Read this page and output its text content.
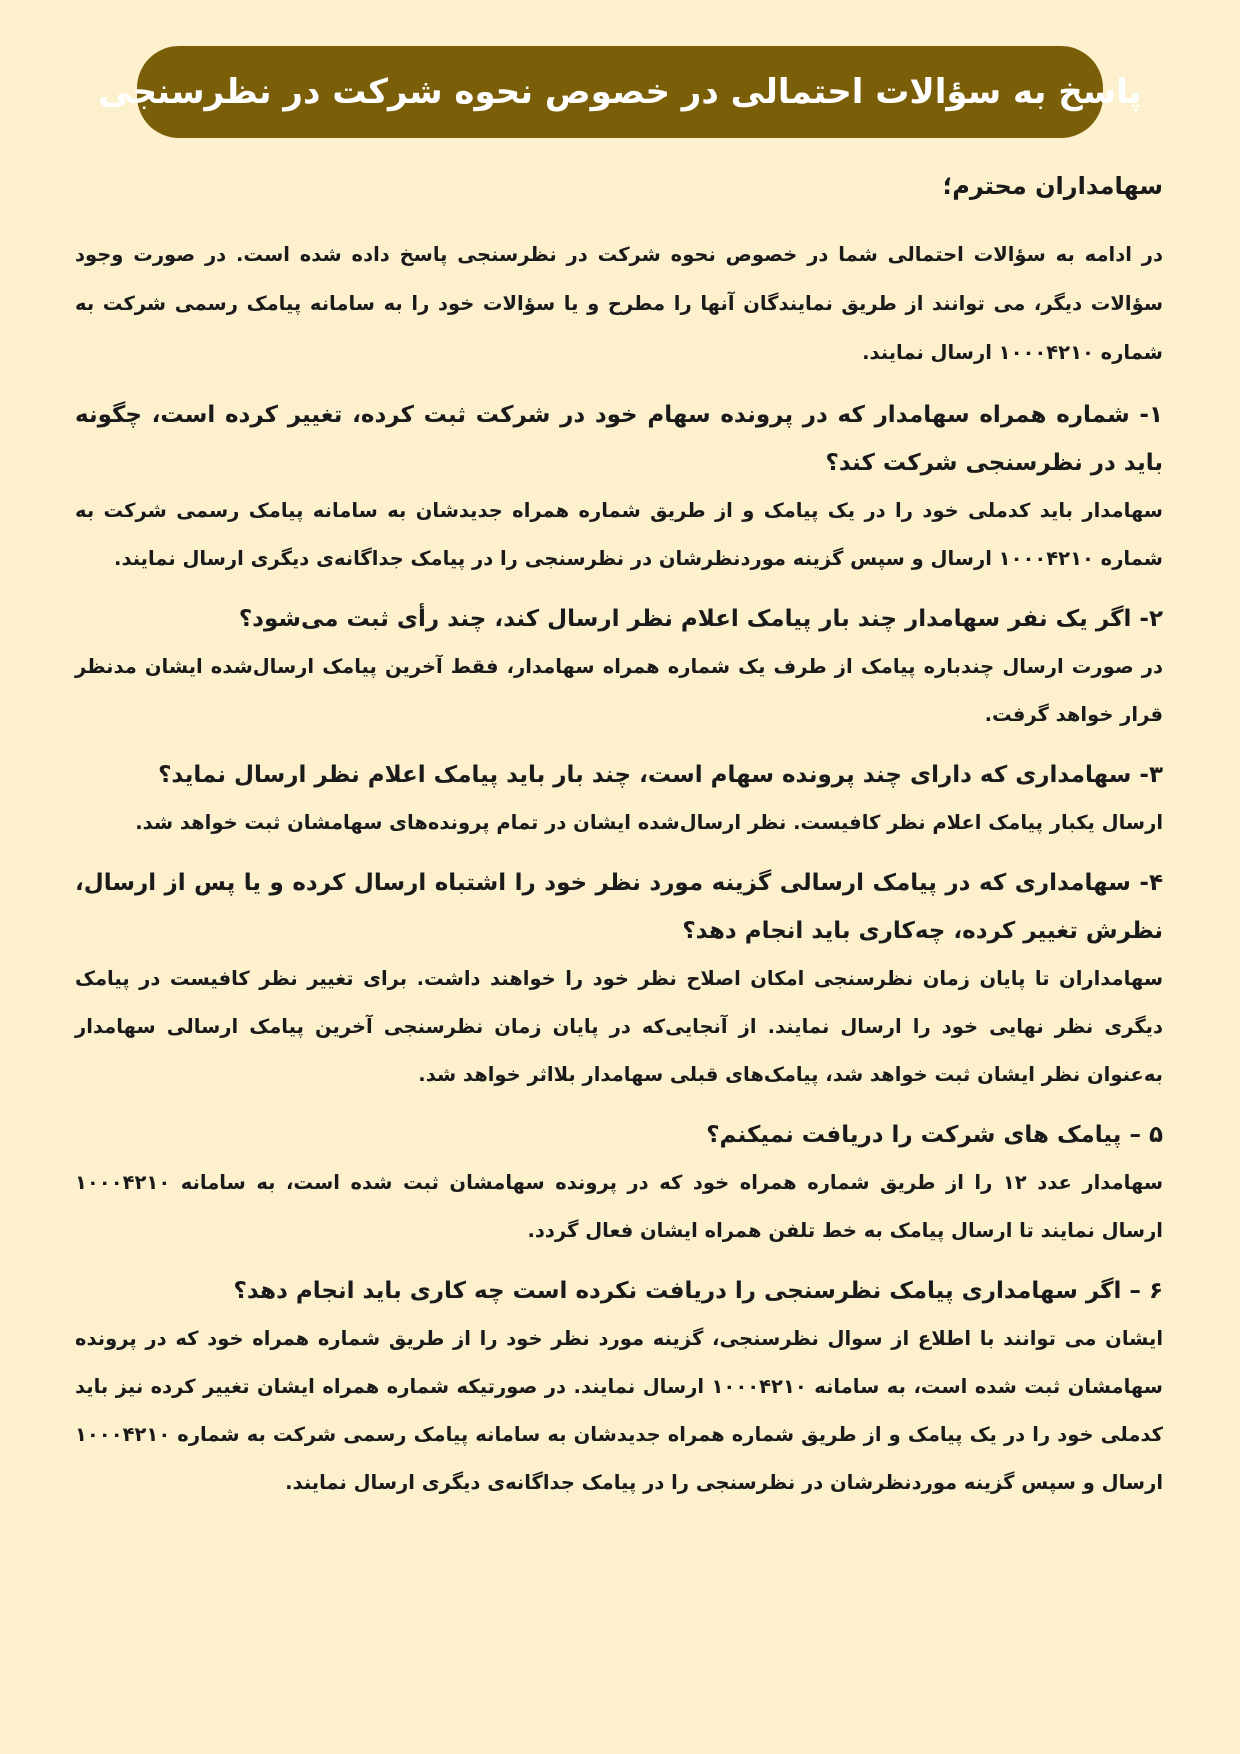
پاسخ به سؤالات احتمالی در خصوص نحوه شرکت در نظرسنجی

سهامداران محترم؛

در ادامه به سؤالات احتمالی شما در خصوص نحوه شرکت در نظرسنجی پاسخ داده شده است. در صورت وجود سؤالات دیگر، می توانند از طریق نمایندگان آنها را مطرح و یا سؤالات خود را به سامانه پیامک رسمی شرکت به شماره ۱۰۰۰۴۲۱۰ ارسال نمایند.

۱- شماره همراه سهامدار که در پرونده سهام خود در شرکت ثبت کرده، تغییر کرده است، چگونه باید در نظرسنجی شرکت کند؟

سهامدار باید کدملی خود را در یک پیامک و از طریق شماره همراه جدیدشان به سامانه پیامک رسمی شرکت به شماره ۱۰۰۰۴۲۱۰ ارسال و سپس گزینه موردنظرشان در نظرسنجی را در پیامک جداگانه‌ی دیگری ارسال نمایند.

۲- اگر یک نفر سهامدار چند بار پیامک اعلام نظر ارسال کند، چند رأی ثبت می‌شود؟

در صورت ارسال چندباره پیامک از طرف یک شماره همراه سهامدار، فقط آخرین پیامک ارسال‌شده ایشان مدنظر قرار خواهد گرفت.

۳- سهامداری که دارای چند پرونده سهام است، چند بار باید پیامک اعلام نظر ارسال نماید؟

ارسال یکبار پیامک اعلام نظر کافیست. نظر ارسال‌شده ایشان در تمام پرونده‌های سهامشان ثبت خواهد شد.

۴- سهامداری که در پیامک ارسالی گزینه مورد نظر خود را اشتباه ارسال کرده و یا پس از ارسال، نظرش تغییر کرده، چه‌کاری باید انجام دهد؟

سهامداران تا پایان زمان نظرسنجی امکان اصلاح نظر خود را خواهند داشت. برای تغییر نظر کافیست در پیامک دیگری نظر نهایی خود را ارسال نمایند. از آنجایی‌که در پایان زمان نظرسنجی آخرین پیامک ارسالی سهامدار به‌عنوان نظر ایشان ثبت خواهد شد، پیامک‌های قبلی سهامدار بلااثر خواهد شد.

۵ – پیامک های شرکت را دریافت نمیکنم؟

سهامدار عدد ۱۲ را از طریق شماره همراه خود که در پرونده سهامشان ثبت شده است، به سامانه ۱۰۰۰۴۲۱۰ ارسال نمایند تا ارسال پیامک به خط تلفن همراه ایشان فعال گردد.

۶ – اگر سهامداری پیامک نظرسنجی را دریافت نکرده است چه کاری باید انجام دهد؟

ایشان می توانند با اطلاع از سوال نظرسنجی، گزینه مورد نظر خود را از طریق شماره همراه خود که در پرونده سهامشان ثبت شده است، به سامانه ۱۰۰۰۴۲۱۰ ارسال نمایند. در صورتیکه شماره همراه ایشان تغییر کرده نیز باید کدملی خود را در یک پیامک و از طریق شماره همراه جدیدشان به سامانه پیامک رسمی شرکت به شماره ۱۰۰۰۴۲۱۰ ارسال و سپس گزینه موردنظرشان در نظرسنجی را در پیامک جداگانه‌ی دیگری ارسال نمایند.
